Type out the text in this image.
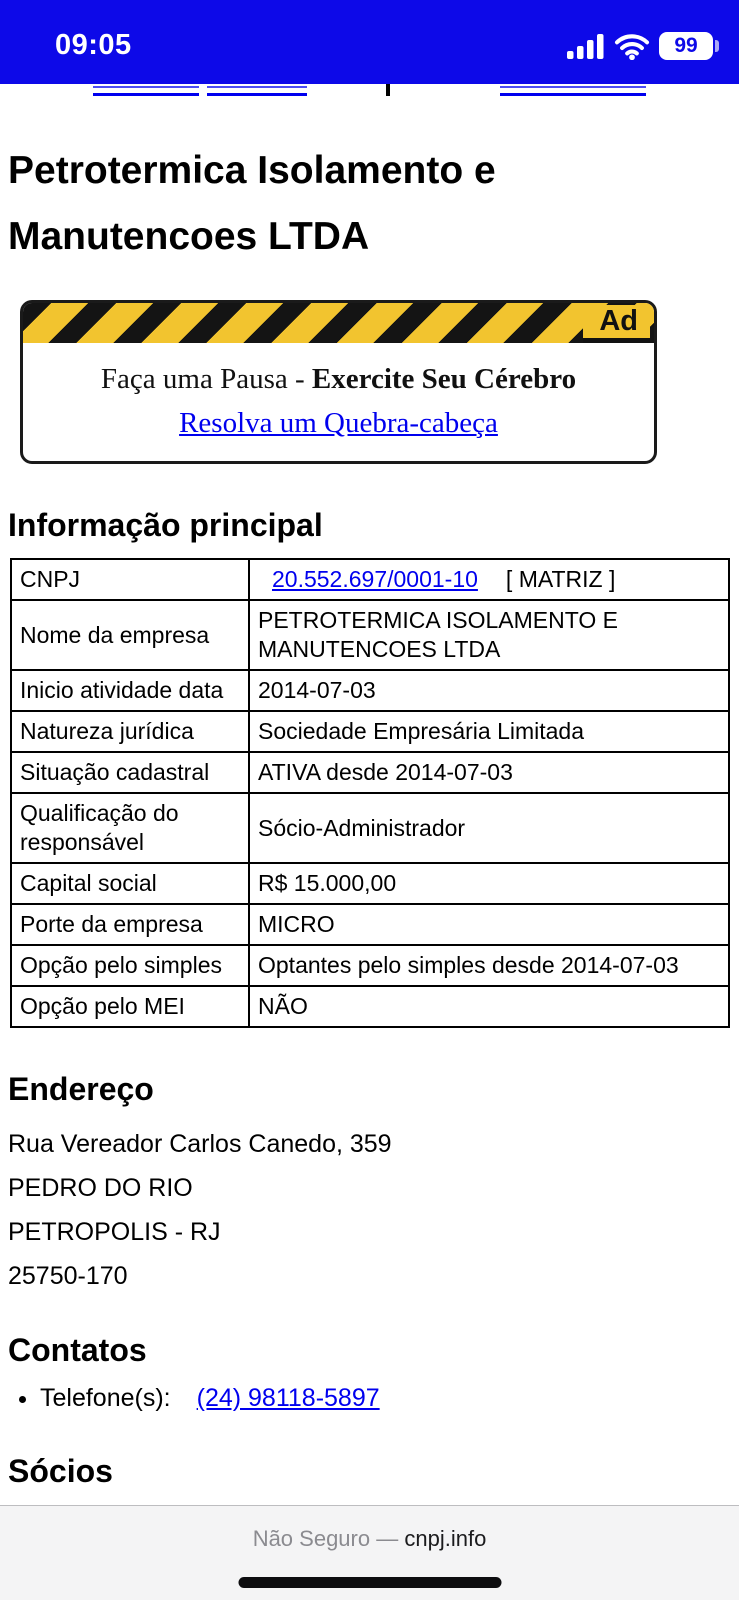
09:05	99
Petrotermica Isolamento e Manutencoes LTDA
Ad

Faça uma Pausa - Exercite Seu Cérebro

Resolva um Quebra-cabeça
Informação principal
CNPJ	20.552.697/0001-10 [ MATRIZ ]
Nome da empresa	PETROTERMICA ISOLAMENTO E MANUTENCOES LTDA
Inicio atividade data	2014-07-03
Natureza jurídica	Sociedade Empresária Limitada
Situação cadastral	ATIVA desde 2014-07-03
Qualificação do responsável	Sócio-Administrador
Capital social	R$ 15.000,00
Porte da empresa	MICRO
Opção pelo simples	Optantes pelo simples desde 2014-07-03
Opção pelo MEI	NÃO
Endereço

Rua Vereador Carlos Canedo, 359

PEDRO DO RIO

PETROPOLIS - RJ

25750-170

Contatos
• Telefone(s): (24) 98118-5897
Sócios
Não Seguro — cnpj.info
